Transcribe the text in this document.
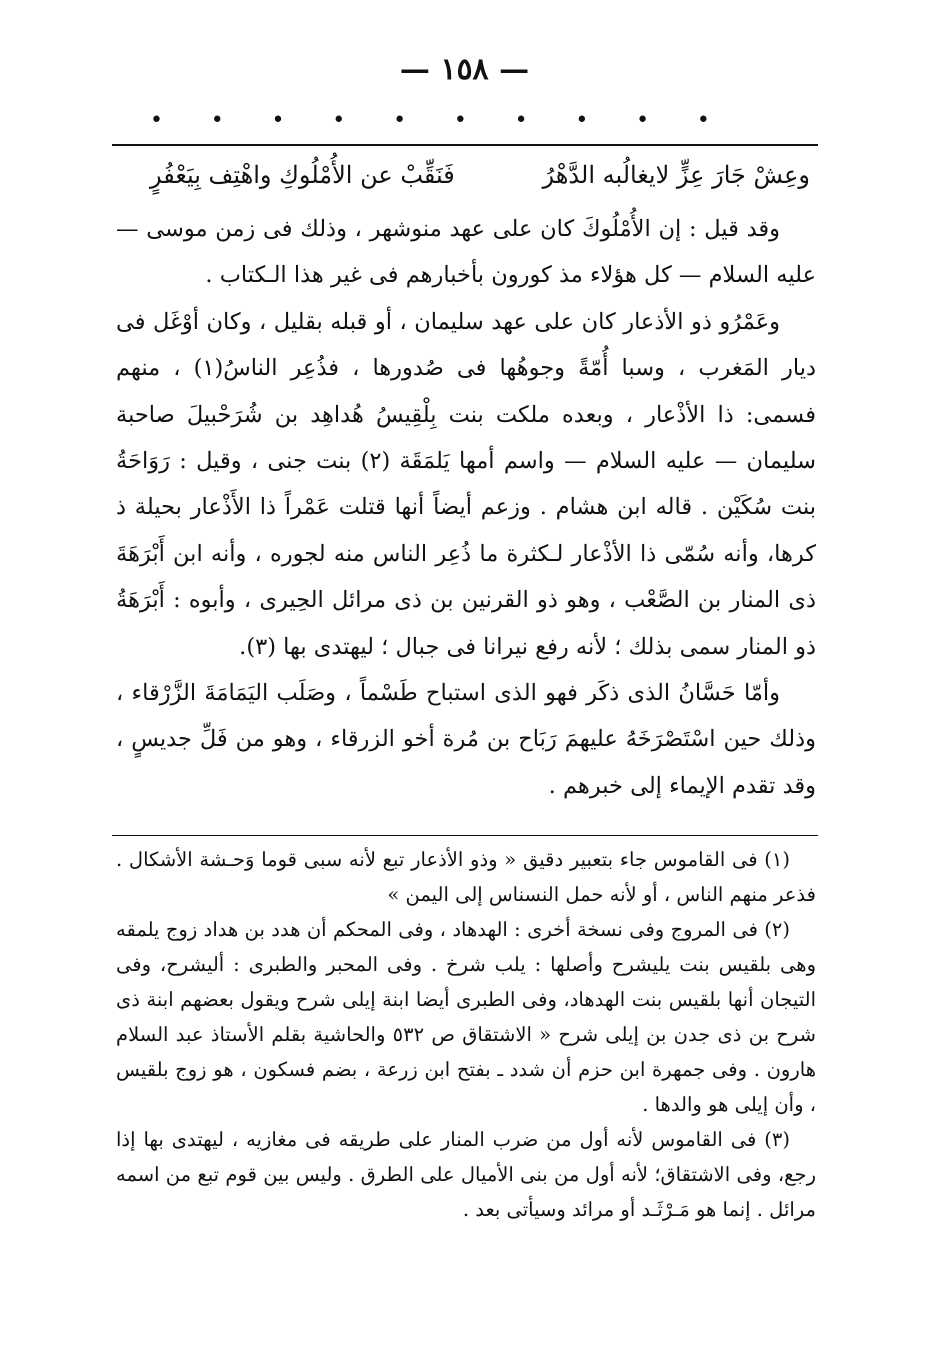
— ١٥٨ —
• • • • • • • • • •
فَنَقِّبْ عن الأُمْلُوكِ واهْتِف بِيَعْفُرٍ	وعِشْ جَارَ عِزٍّ لايغالُبه الدَّهْرُ

وقد قيل : إن الأُمْلُوكَ كان على عهد منوشهر ، وذلك فى زمن موسى — عليه السلام — كل هؤلاء مذ كورون بأخبارهم فى غير هذا الـكتاب .

وعَمْرُو ذو الأذعار كان على عهد سليمان ، أو قبله بقليل ، وكان أوْغَل فى ديار المَغرب ، وسبا أُمّةً وجوهُها فى صُدورها ، فذُعِر الناسُ(١) ، منهم فسمى: ذا الأذْعار ، وبعده ملكت بنت بِلْقِيسُ هُداهِد بن شُرَحْبيلَ صاحبة سليمان — عليه السلام — واسم أمها يَلمَقَة (٢) بنت جنى ، وقيل : رَوَاحَةُ بنت سُكَيْن . قاله ابن هشام . وزعم أيضاً أنها قتلت عَمْراً ذا الأَذْعار بحيلة ذ كرها، وأنه سُمّى ذا الأذْعار لـكثرة ما ذُعِر الناس منه لجوره ، وأنه ابن أَبْرَهَةَ ذى المنار بن الصَّعْب ، وهو ذو القرنين بن ذى مرائل الحِيرى ، وأبوه : أَبْرَهَةُ ذو المنار سمى بذلك ؛ لأنه رفع نيرانا فى جبال ؛ ليهتدى بها (٣).

وأمّا حَسَّانُ الذى ذكَر فهو الذى استباح طَسْماً ، وصَلَب اليَمَامَةَ الزَّرْقاء ، وذلك حين اسْتَصْرَخَهُ عليهمَ رَبَاح بن مُرة أخو الزرقاء ، وهو من فَلِّ جديسٍ ، وقد تقدم الإيماء إلى خبرهم .

(١) فى القاموس جاء بتعبير دقيق « وذو الأذعار تبع لأنه سبى قوما وَحـشة الأشكال . فذعر منهم الناس ، أو لأنه حمل النسناس إلى اليمن »

(٢) فى المروج وفى نسخة أخرى : الهدهاد ، وفى المحكم أن هدد بن هداد زوج يلمقه وهى بلقيس بنت يليشرح وأصلها : يلب شرخ . وفى المحبر والطبرى : أليشرح، وفى التيجان أنها بلقيس بنت الهدهاد، وفى الطبرى أيضا ابنة إيلى شرح ويقول بعضهم ابنة ذى شرح بن ذى جدن بن إيلى شرح « الاشتقاق ص ٥٣٢ والحاشية بقلم الأستاذ عبد السلام هارون . وفى جمهرة ابن حزم أن شدد ـ بفتح ابن زرعة ، بضم فسكون ، هو زوج بلقيس ، وأن إيلى هو والدها .

(٣) فى القاموس لأنه أول من ضرب المنار على طريقه فى مغازيه ، ليهتدى بها إذا رجع، وفى الاشتقاق؛ لأنه أول من بنى الأميال على الطرق . وليس بين قوم تبع من اسمه مرائل . إنما هو مَـرْثَـد أو مرائد وسيأتى بعد .
